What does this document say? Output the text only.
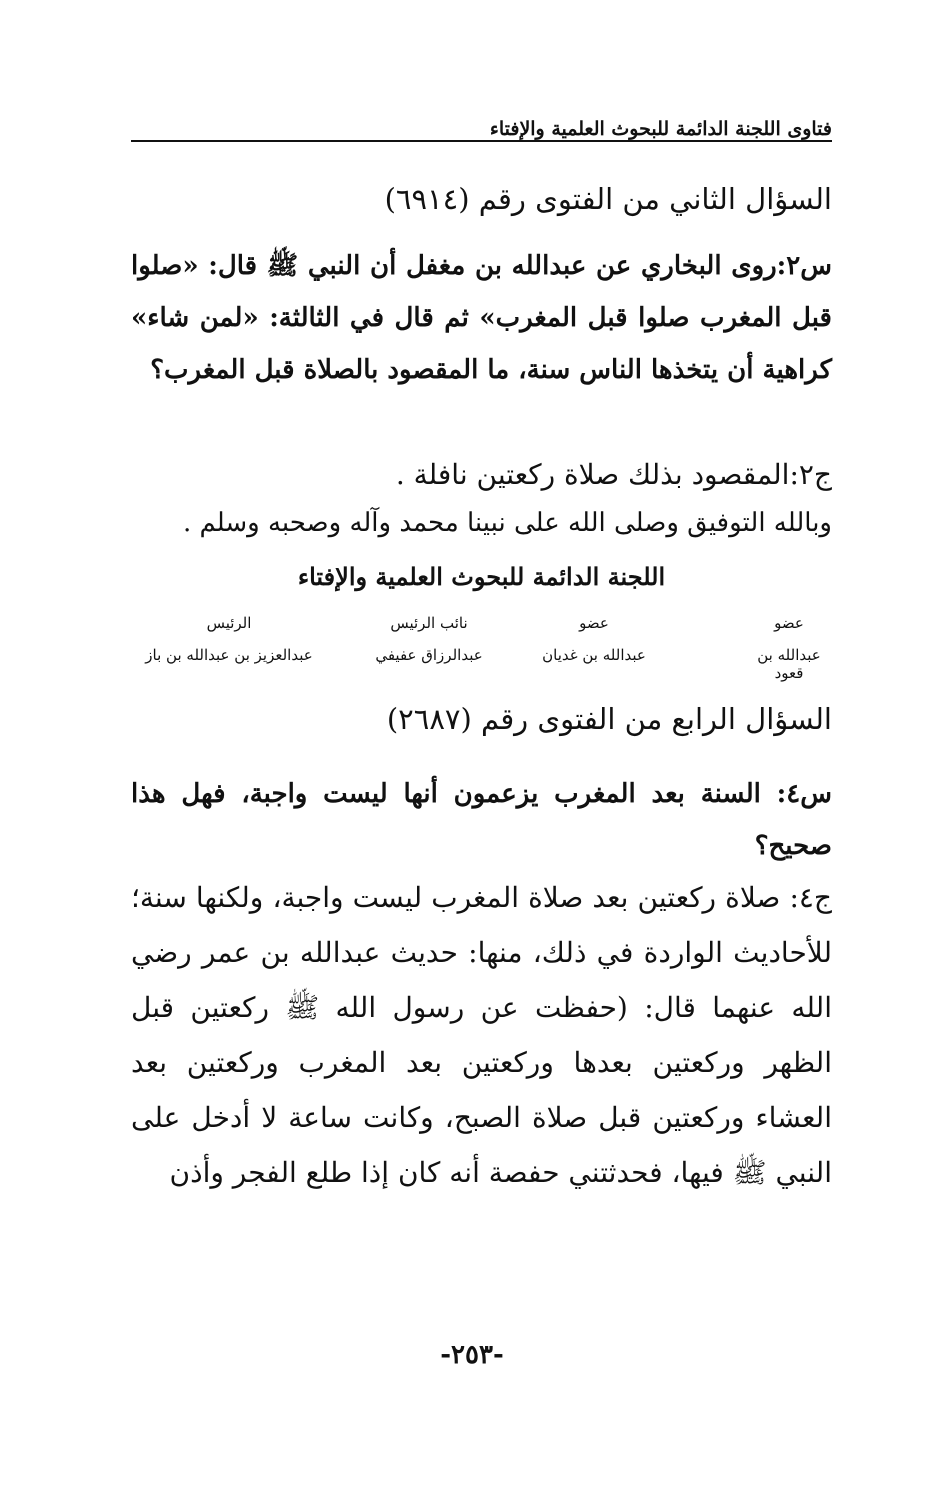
فتاوى اللجنة الدائمة للبحوث العلمية والإفتاء
السؤال الثاني من الفتوى رقم (٦٩١٤)
س٢:روى البخاري عن عبدالله بن مغفل أن النبي ﷺ قال: «صلوا قبل المغرب صلوا قبل المغرب» ثم قال في الثالثة: «لمن شاء» كراهية أن يتخذها الناس سنة، ما المقصود بالصلاة قبل المغرب؟
ج٢:المقصود بذلك صلاة ركعتين نافلة .
وبالله التوفيق وصلى الله على نبينا محمد وآله وصحبه وسلم .
اللجنة الدائمة للبحوث العلمية والإفتاء
عضو
عبدالله بن قعود
عضو
عبدالله بن غديان
نائب الرئيس
عبدالرزاق عفيفي
الرئيس
عبدالعزيز بن عبدالله بن باز
السؤال الرابع من الفتوى رقم (٢٦٨٧)
س٤: السنة بعد المغرب يزعمون أنها ليست واجبة، فهل هذا صحيح؟
ج٤: صلاة ركعتين بعد صلاة المغرب ليست واجبة، ولكنها سنة؛ للأحاديث الواردة في ذلك، منها: حديث عبدالله بن عمر رضي الله عنهما قال: (حفظت عن رسول الله ﷺ ركعتين قبل الظهر وركعتين بعدها وركعتين بعد المغرب وركعتين بعد العشاء وركعتين قبل صلاة الصبح، وكانت ساعة لا أدخل على النبي ﷺ فيها، فحدثتني حفصة أنه كان إذا طلع الفجر وأذن
-٢٥٣-
